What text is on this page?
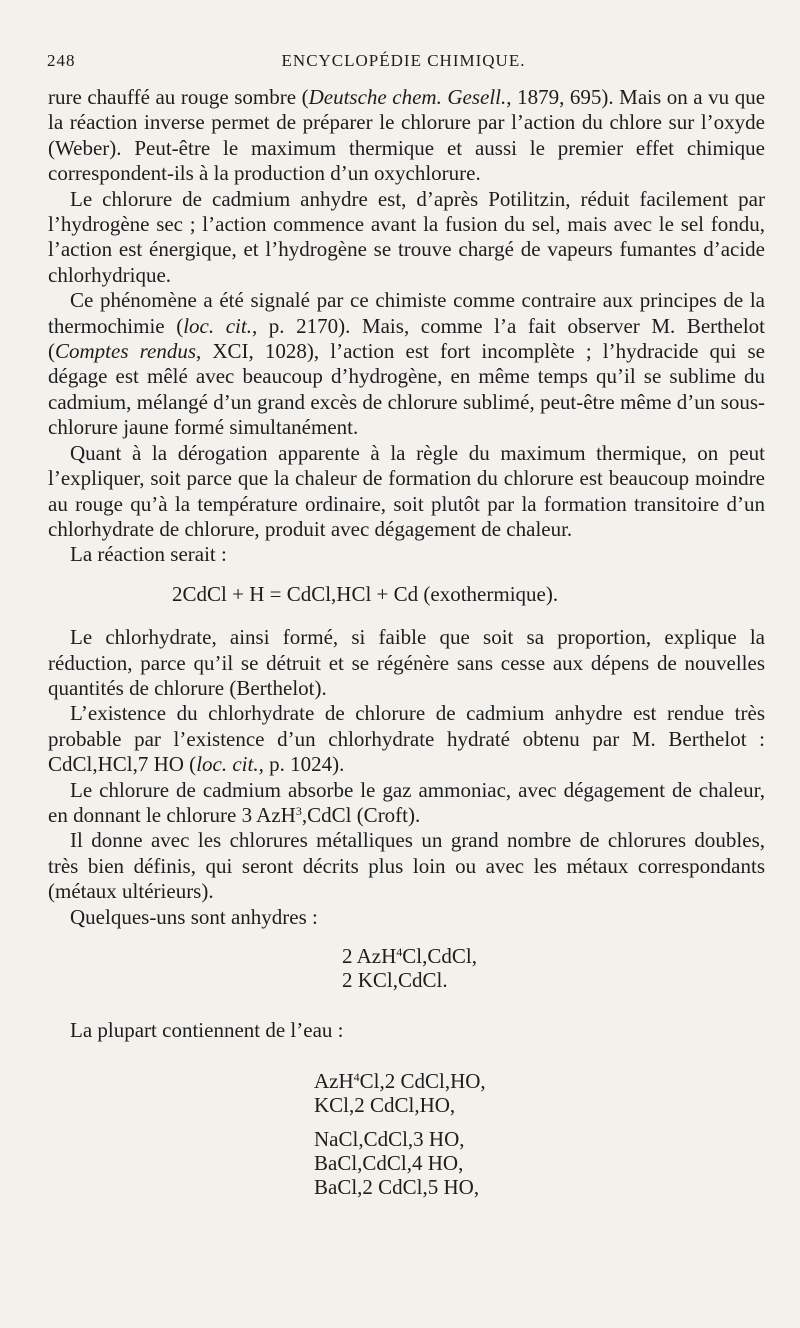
248	ENCYCLOPÉDIE CHIMIQUE.

rure chauffé au rouge sombre (Deutsche chem. Gesell., 1879, 695). Mais on a vu que la réaction inverse permet de préparer le chlorure par l’action du chlore sur l’oxyde (Weber). Peut-être le maximum thermique et aussi le premier effet chimique correspondent-ils à la production d’un oxychlorure.

Le chlorure de cadmium anhydre est, d’après Potilitzin, réduit facilement par l’hydrogène sec ; l’action commence avant la fusion du sel, mais avec le sel fondu, l’action est énergique, et l’hydrogène se trouve chargé de vapeurs fumantes d’acide chlorhydrique.

Ce phénomène a été signalé par ce chimiste comme contraire aux principes de la thermochimie (loc. cit., p. 2170). Mais, comme l’a fait observer M. Berthelot (Comptes rendus, XCI, 1028), l’action est fort incomplète ; l’hydracide qui se dégage est mêlé avec beaucoup d’hydrogène, en même temps qu’il se sublime du cadmium, mélangé d’un grand excès de chlorure sublimé, peut-être même d’un sous-chlorure jaune formé simultanément.

Quant à la dérogation apparente à la règle du maximum thermique, on peut l’expliquer, soit parce que la chaleur de formation du chlorure est beaucoup moindre au rouge qu’à la température ordinaire, soit plutôt par la formation transitoire d’un chlorhydrate de chlorure, produit avec dégagement de chaleur.

La réaction serait :

2CdCl + H = CdCl,HCl + Cd (exothermique).

Le chlorhydrate, ainsi formé, si faible que soit sa proportion, explique la réduction, parce qu’il se détruit et se régénère sans cesse aux dépens de nouvelles quantités de chlorure (Berthelot).

L’existence du chlorhydrate de chlorure de cadmium anhydre est rendue très probable par l’existence d’un chlorhydrate hydraté obtenu par M. Berthelot : CdCl,HCl,7 HO (loc. cit., p. 1024).

Le chlorure de cadmium absorbe le gaz ammoniac, avec dégagement de chaleur, en donnant le chlorure 3 AzH$^3$,CdCl (Croft).

Il donne avec les chlorures métalliques un grand nombre de chlorures doubles, très bien définis, qui seront décrits plus loin ou avec les métaux correspondants (métaux ultérieurs).

Quelques-uns sont anhydres :

2 AzH$^4$Cl,CdCl,
2 KCl,CdCl.

La plupart contiennent de l’eau :

AzH$^4$Cl,2 CdCl,HO,
KCl,2 CdCl,HO,
NaCl,CdCl,3 HO,
BaCl,CdCl,4 HO,
BaCl,2 CdCl,5 HO,
